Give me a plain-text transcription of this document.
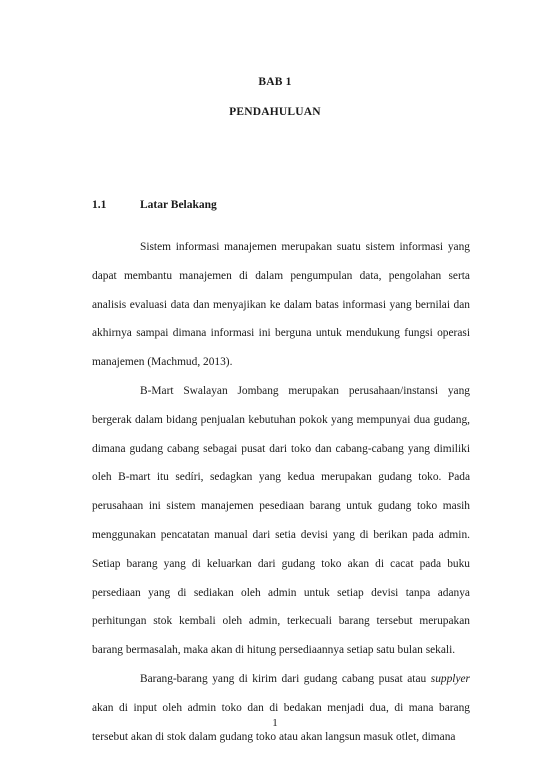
BAB 1
PENDAHULUAN
1.1	Latar Belakang

Sistem informasi manajemen merupakan suatu sistem informasi yang dapat membantu manajemen di dalam pengumpulan data, pengolahan serta analisis evaluasi data dan menyajikan ke dalam batas informasi yang bernilai dan akhirnya sampai dimana informasi ini berguna untuk mendukung fungsi operasi manajemen (Machmud, 2013).

B-Mart Swalayan Jombang merupakan perusahaan/instansi yang bergerak dalam bidang penjualan kebutuhan pokok yang mempunyai dua gudang, dimana gudang cabang sebagai pusat dari toko dan cabang-cabang yang dimiliki oleh B-mart itu sedíri, sedagkan yang kedua merupakan gudang toko. Pada perusahaan ini sistem manajemen pesediaan barang untuk gudang toko masih menggunakan pencatatan manual dari setia devisi yang di berikan pada admin. Setiap barang yang di keluarkan dari gudang toko akan di cacat pada buku persediaan yang di sediakan oleh admin untuk setiap devisi tanpa adanya perhitungan stok kembali oleh admin, terkecuali barang tersebut merupakan barang bermasalah, maka akan di hitung persediaannya setiap satu bulan sekali.

Barang-barang yang di kirim dari gudang cabang pusat atau supplyer akan di input oleh admin toko dan di bedakan menjadi dua, di mana barang tersebut akan di stok dalam gudang toko atau akan langsun masuk otlet, dimana

1
